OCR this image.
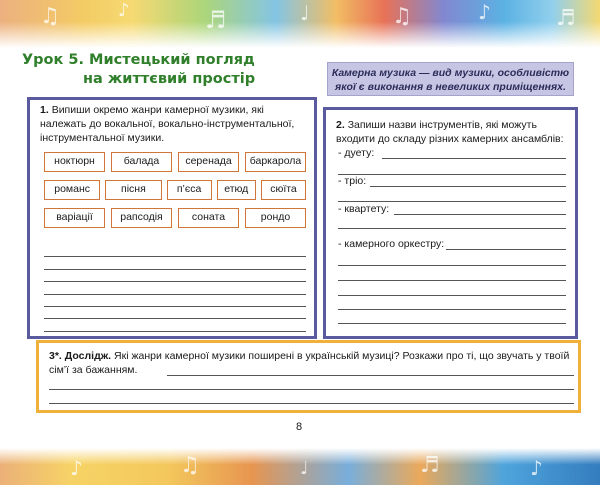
♫	♪	♬	♩	♫	♪	♬
♪	♫	♩	♬	♪
Урок 5. Мистецький погляд
на життєвий простір	Камерна музика — вид музики, особливістю
якої є виконання в невеликих приміщеннях.
1. Випиши окремо жанри камерної музики, які належать до вокальної, вокально-інструментальної, інструментальної музики.
ноктюрн	балада	серенада	баркарола
романс	пісня	п’єса	етюд	сюїта
варіації	рапсодія	соната	рондо
2. Запиши назви інструментів, які можуть входити до складу різних камерних ансамблів:
- дуету:
- тріо:
- квартету:
- камерного оркестру:
3*. Дослідж. Які жанри камерної музики поширені в українській музиці? Розкажи про ті, що звучать у твоїй сім’ї за бажанням.
8
